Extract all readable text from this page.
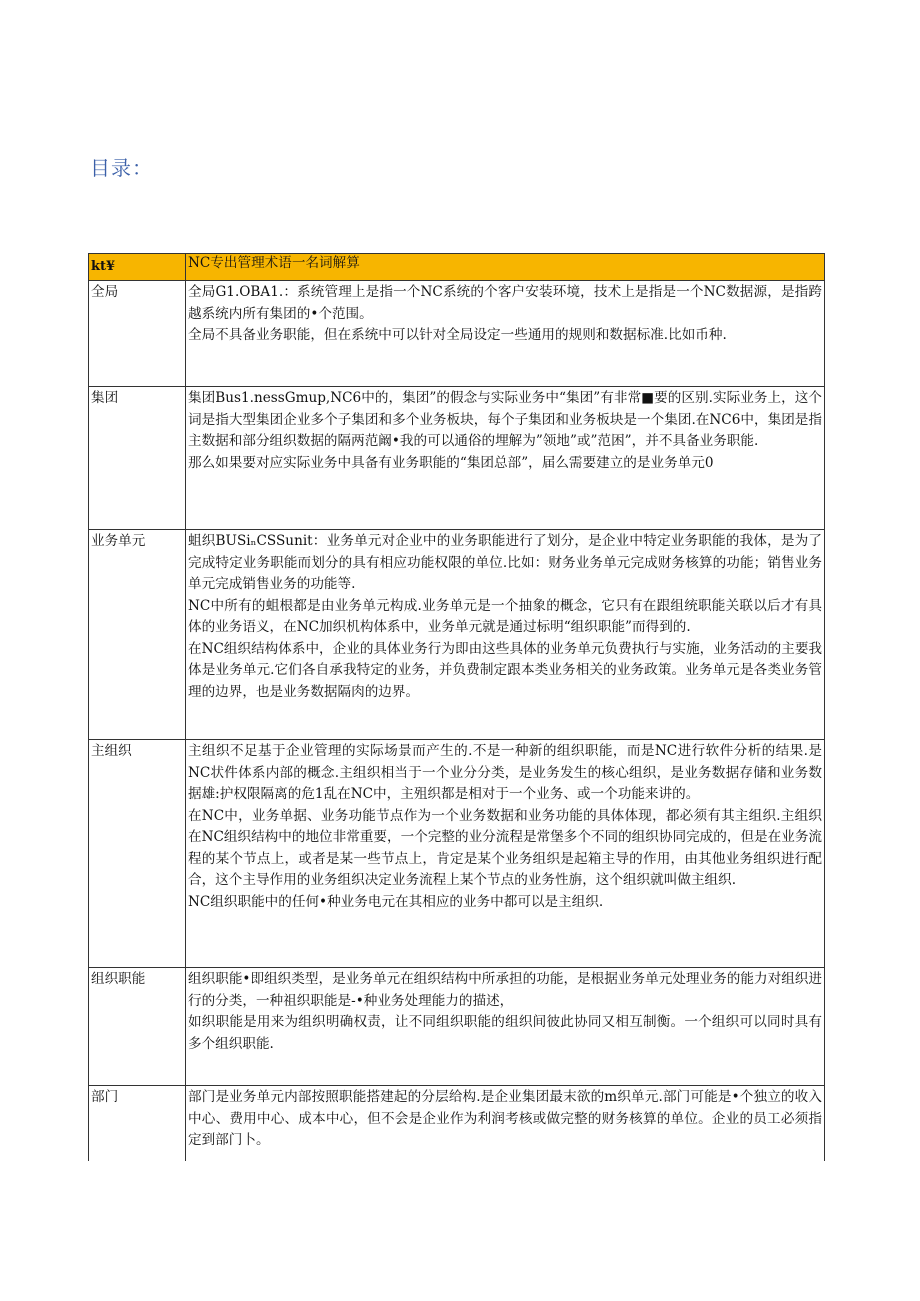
目录：
kt¥	NC专出管理术语一名词解算
全局	全局G1.OBA1.：系统管理上是指一个NC系统的个客户安装环境，技术上是指是一个NC数据源，是指跨越系统内所有集团的•个范围。

全局不具备业务职能，但在系统中可以针对全局设定一些通用的规则和数据标准.比如币种.

集团	集团Bus1.nessGmup,NC6中的，集团”的假念与实际业务中“集团”有非常■要的区别.实际业务上，这个词是指大型集团企业多个子集团和多个业务板块，每个子集团和业务板块是一个集团.在NC6中，集团是指主数据和部分组织数据的隔两范阚•我的可以通俗的埋解为”领地”或”范困”，并不具备业务职能.

那么如果要对应实际业务中具备有业务职能的“集团总部”，届么需要建立的是业务单元0

业务单元	蛆织BUSiₙCSSunit：业务单元对企业中的业务职能进行了划分，是企业中特定业务职能的我体，是为了完成特定业务职能而划分的具有相应功能权限的单位.比如：财务业务单元完成财务核算的功能；销售业务单元完成销售业务的功能等.

NC中所有的蛆根都是由业务单元构成.业务单元是一个抽象的概念，它只有在跟组统职能关联以后才有具体的业务语义，在NC加织机构体系中，业务单元就是通过标明“组织职能”而得到的.

在NC组织结构体系中，企业的具体业务行为即由这些具体的业务单元负费执行与实施，业务活动的主要我体是业务单元.它们各自承我特定的业务，并负费制定跟本类业务相关的业务政策。业务单元是各类业务管理的边界，也是业务数据隔肉的边界。

主组织	主组织不足基于企业管理的实际场景而产生的.不是一种新的组织职能，而是NC进行软件分析的结果.是NC状件体系内部的概念.主组织相当于一个业分分类，是业务发生的核心组织，是业务数据存储和业务数据雄:护权限隔离的危1乱在NC中，主殂织都是相对于一个业务、或一个功能来讲的。

在NC中，业务单据、业务功能节点作为一个业务数据和业务功能的具体体现，都必须有其主组织.主组织在NC组织结构中的地位非常重要，一个完整的业分流程是常堡多个不同的组织协同完成的，但是在业务流程的某个节点上，或者是某一些节点上，肯定是某个业务组织是起箱主导的作用，由其他业务组织进行配合，这个主导作用的业务组织决定业务流程上某个节点的业务性旃，这个组织就叫做主组织.

NC组织职能中的任何•种业务电元在其相应的业务中都可以是主组织.

组织职能	组织职能•即组织类型，是业务单元在组织结构中所承担的功能，是根据业务单元处理业务的能力对组织进行的分类，一种祖织职能是-•种业务处理能力的描述，

如织职能是用来为组织明确权责，让不同组织职能的组织间彼此协同又相互制衡。一个组织可以同时具有多个组织职能.

部门	部门是业务单元内部按照职能搭建起的分层给构.是企业集团最末欲的m织单元.部门可能是•个独立的收入中心、费用中心、成本中心，但不会是企业作为利润考核或做完整的财务核算的单位。企业的员工必须指定到部门卜。
